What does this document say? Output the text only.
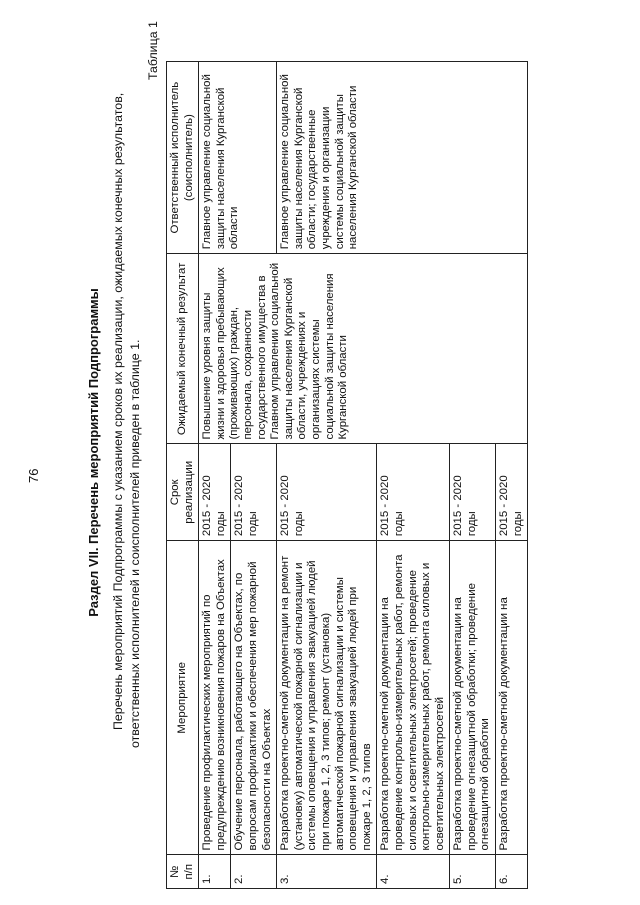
76	Раздел VII. Перечень мероприятий Подпрограммы Перечень мероприятий Подпрограммы с указанием сроков их реализации, ожидаемых конечных результатов, ответственных исполнителей и соисполнителей приведен в таблице 1.
Таблица 1
№ п/п	Мероприятие	Срок реализации	Ожидаемый конечный результат	Ответственный исполнитель (соисполнитель)
1.	Проведение профилактических мероприятий по предупреждению возникновения пожаров на Объектах	2015 - 2020 годы	Повышение уровня защиты жизни и здоровья пребывающих (проживающих) граждан, персонала, сохранности государственного имущества в Главном управлении социальной защиты населения Курганской области, учреждениях и организациях системы социальной защиты населения Курганской области	Главное управление социальной защиты населения Курганской области
2.	Обучение персонала, работающего на Объектах, по вопросам профилактики и обеспечения мер пожарной безопасности на Объектах	2015 - 2020 годы		
3.	Разработка проектно-сметной документации на ремонт (установку) автоматической пожарной сигнализации и системы оповещения и управления эвакуацией людей при пожаре 1, 2, 3 типов; ремонт (установка) автоматической пожарной сигнализации и системы оповещения и управления эвакуацией людей при пожаре 1, 2, 3 типов	2015 - 2020 годы		Главное управление социальной защиты населения Курганской области; государственные учреждения и организации системы социальной защиты населения Курганской области
4.	Разработка проектно-сметной документации на проведение контрольно-измерительных работ, ремонта силовых и осветительных электросетей; проведение контрольно-измерительных работ, ремонта силовых и осветительных электросетей	2015 - 2020 годы		
5.	Разработка проектно-сметной документации на проведение огнезащитной обработки; проведение огнезащитной обработки	2015 - 2020 годы		
6.	Разработка проектно-сметной документации на	2015 - 2020 годы		
